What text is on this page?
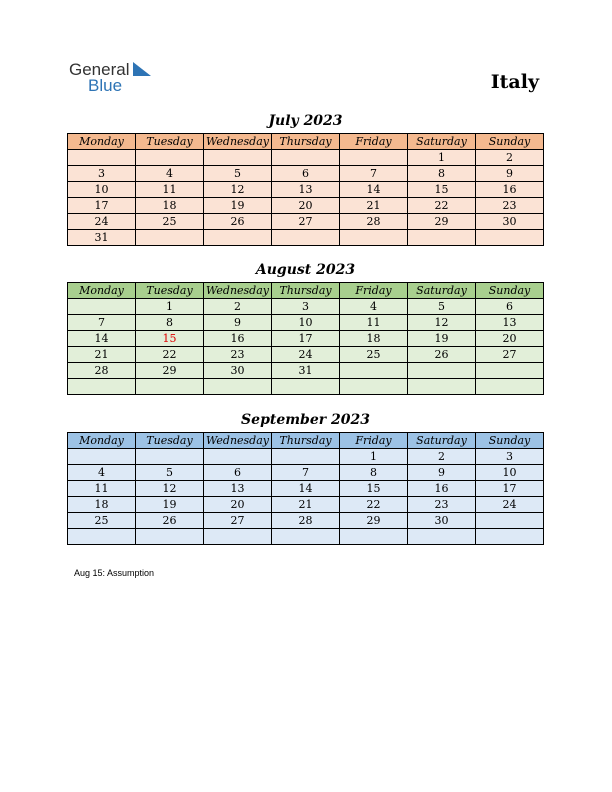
General
Blue	Italy
July 2023
Monday	Tuesday	Wednesday	Thursday	Friday	Saturday	Sunday
					1	2
3	4	5	6	7	8	9
10	11	12	13	14	15	16
17	18	19	20	21	22	23
24	25	26	27	28	29	30
31						
August 2023
Monday	Tuesday	Wednesday	Thursday	Friday	Saturday	Sunday
	1	2	3	4	5	6
7	8	9	10	11	12	13
14	15	16	17	18	19	20
21	22	23	24	25	26	27
28	29	30	31			

September 2023
Monday	Tuesday	Wednesday	Thursday	Friday	Saturday	Sunday
				1	2	3
4	5	6	7	8	9	10
11	12	13	14	15	16	17
18	19	20	21	22	23	24
25	26	27	28	29	30	

Aug 15: Assumption
